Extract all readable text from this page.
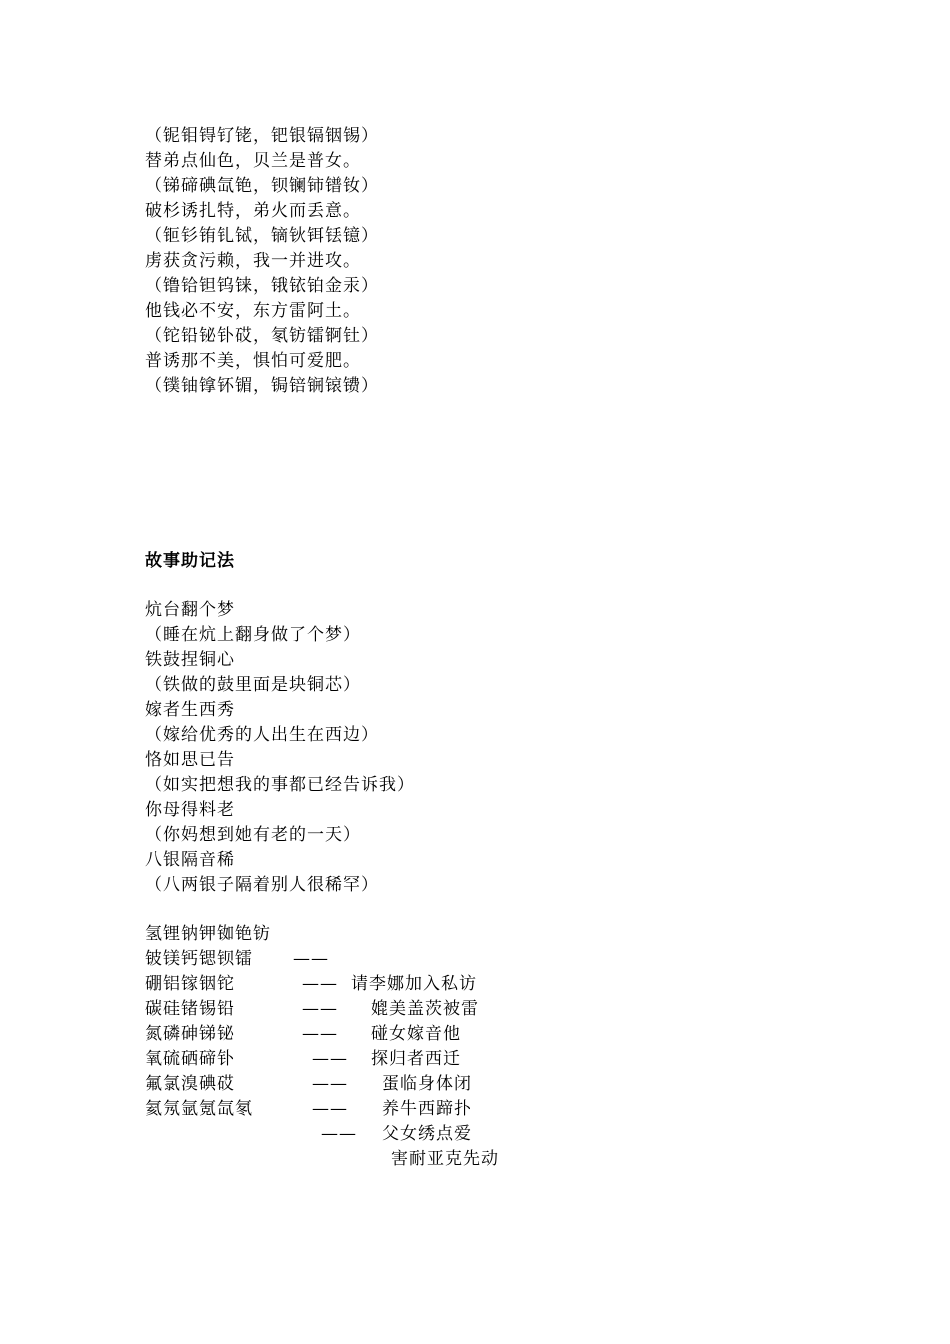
（铌钼锝钌铑，钯银镉铟锡）
替弟点仙色，贝兰是普女。
（锑碲碘氙铯，钡镧铈镨钕）
破杉诱扎特，弟火而丢意。
（钷钐铕钆铽，镝钬铒铥镱）
虏获贪污赖，我一并进攻。
（镥铪钽钨铼，锇铱铂金汞）
他钱必不安，东方雷阿土。
（铊铅铋钋砹，氡钫镭锕钍）
普诱那不美，惧怕可爱肥。
（镤铀镎钚镅，锔锫锎锿镄）
故事助记法
炕台翻个梦
（睡在炕上翻身做了个梦）
铁鼓捏铜心
（铁做的鼓里面是块铜芯）
嫁者生西秀
（嫁给优秀的人出生在西边）
恪如思已告
（如实把想我的事都已经告诉我）
你母得料老
（你妈想到她有老的一天）
八银隔音稀
（八两银子隔着别人很稀罕）

氢锂钠钾铷铯钫

——

请李娜加入私访

铍镁钙锶钡镭

——

媲美盖茨被雷

硼铝镓铟铊

——

碰女嫁音他

碳硅锗锡铅

——

探归者西迁

氮磷砷锑铋

——

蛋临身体闭

氧硫硒碲钋

——

养牛西蹄扑

氟氯溴碘砹

——

父女绣点爱

氦氖氩氪氙氡

——

害耐亚克先动
